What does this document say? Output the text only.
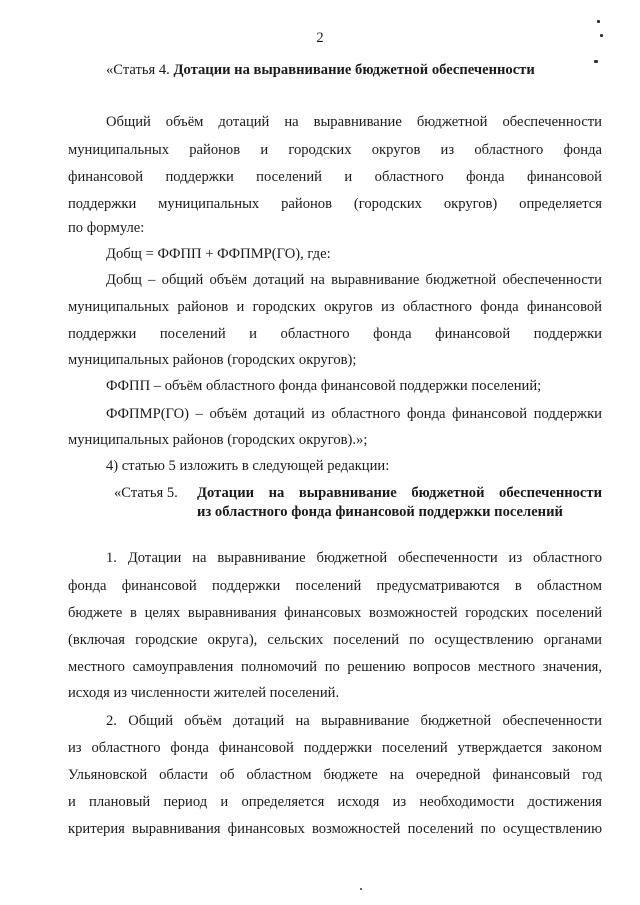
2
«Статья 4. Дотации на выравнивание бюджетной обеспеченности
Общий объём дотаций на выравнивание бюджетной обеспеченности
муниципальных районов и городских округов из областного фонда
финансовой поддержки поселений и областного фонда финансовой
поддержки муниципальных районов (городских округов) определяется
по формуле:
Добщ = ФФПП + ФФПМР(ГО), где:
Добщ – общий объём дотаций на выравнивание бюджетной обеспеченности
муниципальных районов и городских округов из областного фонда финансовой
поддержки поселений и областного фонда финансовой поддержки
муниципальных районов (городских округов);
ФФПП – объём областного фонда финансовой поддержки поселений;
ФФПМР(ГО) – объём дотаций из областного фонда финансовой поддержки
муниципальных районов (городских округов).»;
4) статью 5 изложить в следующей редакции:
«Статья 5. Дотации на выравнивание бюджетной обеспеченности
из областного фонда финансовой поддержки поселений
1. Дотации на выравнивание бюджетной обеспеченности из областного
фонда финансовой поддержки поселений предусматриваются в областном
бюджете в целях выравнивания финансовых возможностей городских поселений
(включая городские округа), сельских поселений по осуществлению органами
местного самоуправления полномочий по решению вопросов местного значения,
исходя из численности жителей поселений.
2. Общий объём дотаций на выравнивание бюджетной обеспеченности
из областного фонда финансовой поддержки поселений утверждается законом
Ульяновской области об областном бюджете на очередной финансовый год
и плановый период и определяется исходя из необходимости достижения
критерия выравнивания финансовых возможностей поселений по осуществлению
